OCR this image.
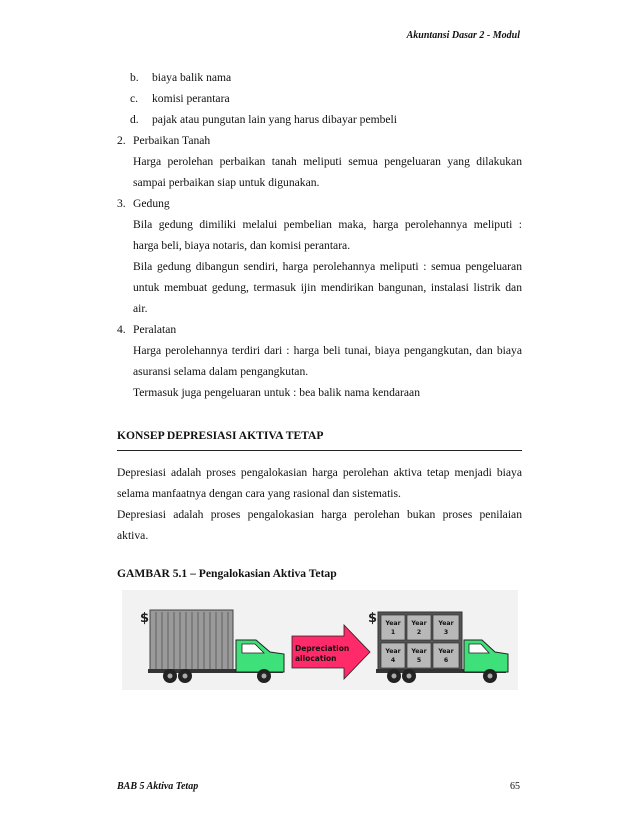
Akuntansi Dasar 2 - Modul
b. biaya balik nama
c. komisi perantara
d. pajak atau pungutan lain yang harus dibayar pembeli
2. Perbaikan Tanah
Harga perolehan perbaikan tanah meliputi semua pengeluaran yang dilakukan
sampai perbaikan siap untuk digunakan.
3. Gedung
Bila gedung dimiliki melalui pembelian maka, harga perolehannya meliputi :
harga beli, biaya notaris, dan komisi perantara.
Bila gedung dibangun sendiri, harga perolehannya meliputi : semua pengeluaran
untuk membuat gedung, termasuk ijin mendirikan bangunan, instalasi listrik dan
air.
4. Peralatan
Harga perolehannya terdiri dari : harga beli tunai, biaya pengangkutan, dan biaya
asuransi selama dalam pengangkutan.
Termasuk juga pengeluaran untuk : bea balik nama kendaraan
KONSEP DEPRESIASI AKTIVA TETAP
Depresiasi adalah proses pengalokasian harga perolehan aktiva tetap menjadi biaya
selama manfaatnya dengan cara yang rasional dan sistematis.
Depresiasi adalah proses pengalokasian harga perolehan bukan proses penilaian
aktiva.
GAMBAR 5.1 – Pengalokasian Aktiva Tetap
$
Depreciation
allocation
$ Year
1
Year
2
Year
3
Year
4
Year
5
Year
6
BAB 5 Aktiva Tetap	65
